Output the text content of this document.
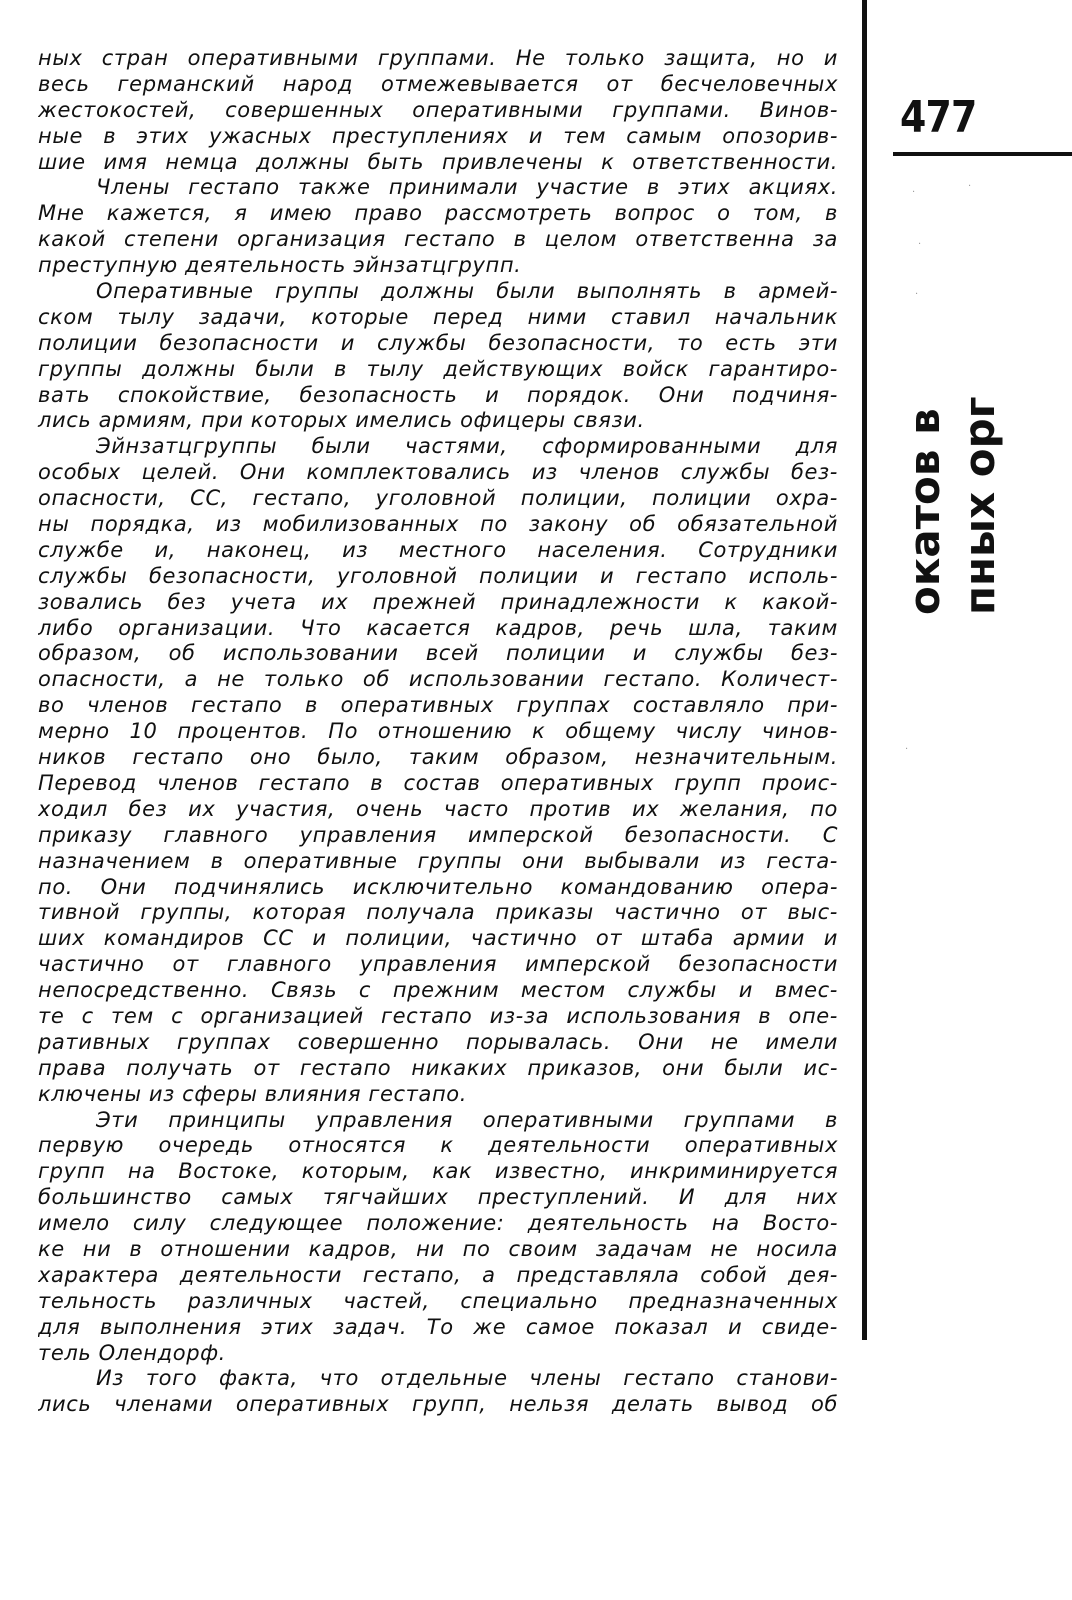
ных стран оперативными группами. Не только защита, но и
весь германский народ отмежевывается от бесчеловечных
жестокостей, совершенных оперативными группами. Винов-
ные в этих ужасных преступлениях и тем самым опозорив-
шие имя немца должны быть привлечены к ответственности.
Члены гестапо также принимали участие в этих акциях.
Мне кажется, я имею право рассмотреть вопрос о том, в
какой степени организация гестапо в целом ответственна за
преступную деятельность эйнзатцгрупп.
Оперативные группы должны были выполнять в армей-
ском тылу задачи, которые перед ними ставил начальник
полиции безопасности и службы безопасности, то есть эти
группы должны были в тылу действующих войск гарантиро-
вать спокойствие, безопасность и порядок. Они подчиня-
лись армиям, при которых имелись офицеры связи.
Эйнзатцгруппы были частями, сформированными для
особых целей. Они комплектовались из членов службы без-
опасности, СС, гестапо, уголовной полиции, полиции охра-
ны порядка, из мобилизованных по закону об обязательной
службе и, наконец, из местного населения. Сотрудники
службы безопасности, уголовной полиции и гестапо исполь-
зовались без учета их прежней принадлежности к какой-
либо организации. Что касается кадров, речь шла, таким
образом, об использовании всей полиции и службы без-
опасности, а не только об использовании гестапо. Количест-
во членов гестапо в оперативных группах составляло при-
мерно 10 процентов. По отношению к общему числу чинов-
ников гестапо оно было, таким образом, незначительным.
Перевод членов гестапо в состав оперативных групп проис-
ходил без их участия, очень часто против их желания, по
приказу главного управления имперской безопасности. С
назначением в оперативные группы они выбывали из геста-
по. Они подчинялись исключительно командованию опера-
тивной группы, которая получала приказы частично от выс-
ших командиров СС и полиции, частично от штаба армии и
частично от главного управления имперской безопасности
непосредственно. Связь с прежним местом службы и вмес-
те с тем с организацией гестапо из-за использования в опе-
ративных группах совершенно порывалась. Они не имели
права получать от гестапо никаких приказов, они были ис-
ключены из сферы влияния гестапо.
Эти принципы управления оперативными группами в
первую очередь относятся к деятельности оперативных
групп на Востоке, которым, как известно, инкриминируется
большинство самых тягчайших преступлений. И для них
имело силу следующее положение: деятельность на Восто-
ке ни в отношении кадров, ни по своим задачам не носила
характера деятельности гестапо, а представляла собой дея-
тельность различных частей, специально предназначенных
для выполнения этих задач. То же самое показал и свиде-
тель Олендорф.
Из того факта, что отдельные члены гестапо станови-
лись членами оперативных групп, нельзя делать вывод об
477
окатов в пных орг
·
·
·
·
·
